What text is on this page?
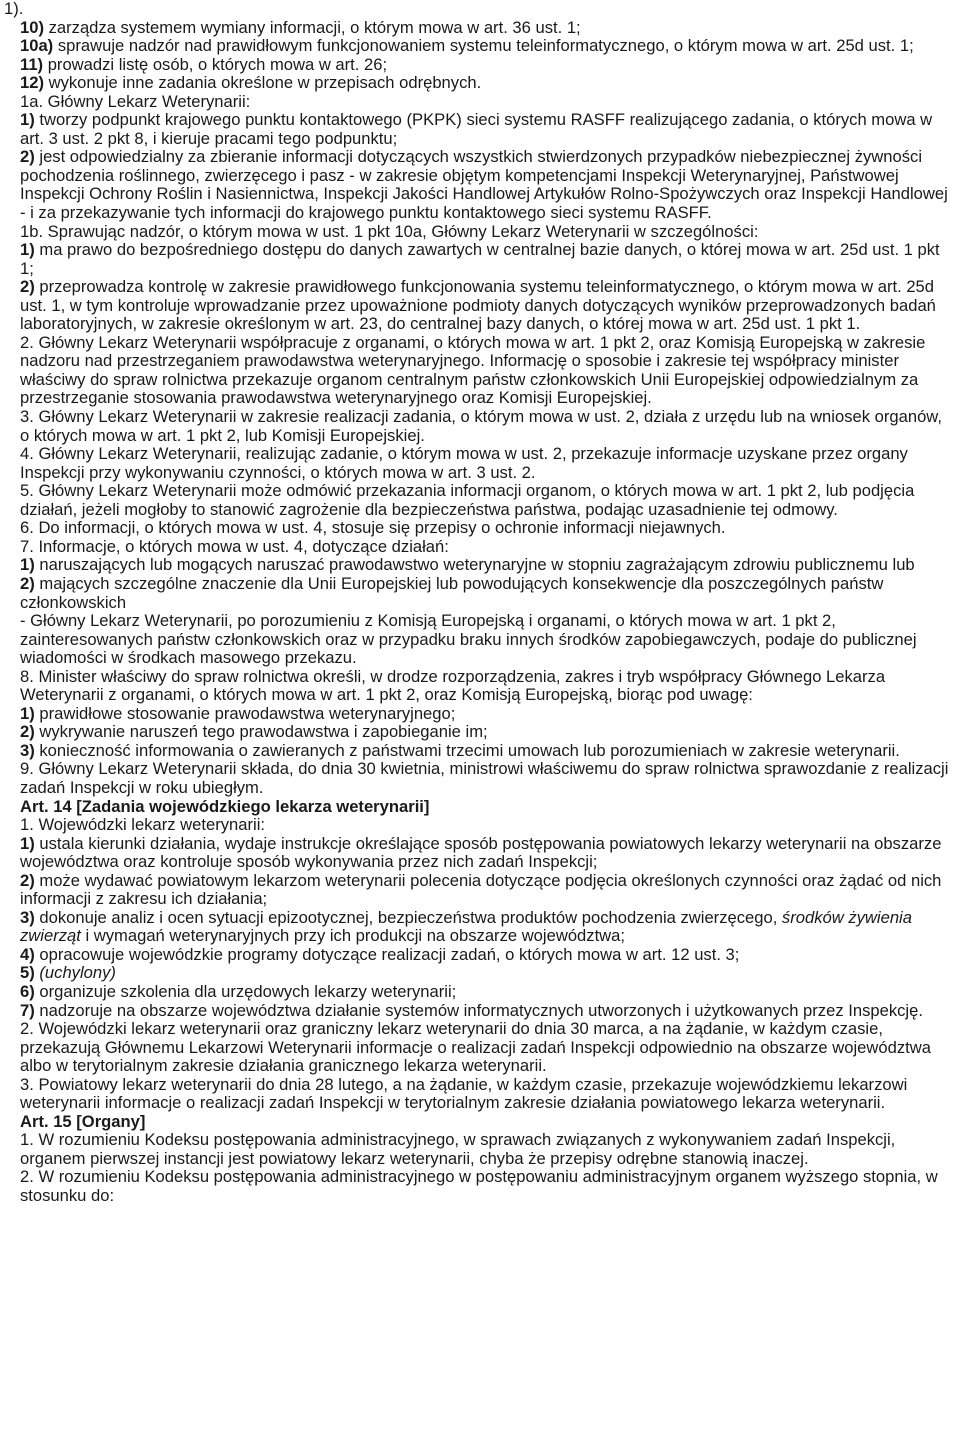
1).
10) zarządza systemem wymiany informacji, o którym mowa w art. 36 ust. 1;
10a) sprawuje nadzór nad prawidłowym funkcjonowaniem systemu teleinformatycznego, o którym mowa w art. 25d ust. 1;
11) prowadzi listę osób, o których mowa w art. 26;
12) wykonuje inne zadania określone w przepisach odrębnych.
1a. Główny Lekarz Weterynarii:
1) tworzy podpunkt krajowego punktu kontaktowego (PKPK) sieci systemu RASFF realizującego zadania, o których mowa w art. 3 ust. 2 pkt 8, i kieruje pracami tego podpunktu;
2) jest odpowiedzialny za zbieranie informacji dotyczących wszystkich stwierdzonych przypadków niebezpiecznej żywności pochodzenia roślinnego, zwierzęcego i pasz - w zakresie objętym kompetencjami Inspekcji Weterynaryjnej, Państwowej Inspekcji Ochrony Roślin i Nasiennictwa, Inspekcji Jakości Handlowej Artykułów Rolno-Spożywczych oraz Inspekcji Handlowej - i za przekazywanie tych informacji do krajowego punktu kontaktowego sieci systemu RASFF.
1b. Sprawując nadzór, o którym mowa w ust. 1 pkt 10a, Główny Lekarz Weterynarii w szczególności:
1) ma prawo do bezpośredniego dostępu do danych zawartych w centralnej bazie danych, o której mowa w art. 25d ust. 1 pkt 1;
2) przeprowadza kontrolę w zakresie prawidłowego funkcjonowania systemu teleinformatycznego, o którym mowa w art. 25d ust. 1, w tym kontroluje wprowadzanie przez upoważnione podmioty danych dotyczących wyników przeprowadzonych badań laboratoryjnych, w zakresie określonym w art. 23, do centralnej bazy danych, o której mowa w art. 25d ust. 1 pkt 1.
2. Główny Lekarz Weterynarii współpracuje z organami, o których mowa w art. 1 pkt 2, oraz Komisją Europejską w zakresie nadzoru nad przestrzeganiem prawodawstwa weterynaryjnego. Informację o sposobie i zakresie tej współpracy minister właściwy do spraw rolnictwa przekazuje organom centralnym państw członkowskich Unii Europejskiej odpowiedzialnym za przestrzeganie stosowania prawodawstwa weterynaryjnego oraz Komisji Europejskiej.
3. Główny Lekarz Weterynarii w zakresie realizacji zadania, o którym mowa w ust. 2, działa z urzędu lub na wniosek organów, o których mowa w art. 1 pkt 2, lub Komisji Europejskiej.
4. Główny Lekarz Weterynarii, realizując zadanie, o którym mowa w ust. 2, przekazuje informacje uzyskane przez organy Inspekcji przy wykonywaniu czynności, o których mowa w art. 3 ust. 2.
5. Główny Lekarz Weterynarii może odmówić przekazania informacji organom, o których mowa w art. 1 pkt 2, lub podjęcia działań, jeżeli mogłoby to stanowić zagrożenie dla bezpieczeństwa państwa, podając uzasadnienie tej odmowy.
6. Do informacji, o których mowa w ust. 4, stosuje się przepisy o ochronie informacji niejawnych.
7. Informacje, o których mowa w ust. 4, dotyczące działań:
1) naruszających lub mogących naruszać prawodawstwo weterynaryjne w stopniu zagrażającym zdrowiu publicznemu lub
2) mających szczególne znaczenie dla Unii Europejskiej lub powodujących konsekwencje dla poszczególnych państw członkowskich
- Główny Lekarz Weterynarii, po porozumieniu z Komisją Europejską i organami, o których mowa w art. 1 pkt 2, zainteresowanych państw członkowskich oraz w przypadku braku innych środków zapobiegawczych, podaje do publicznej wiadomości w środkach masowego przekazu.
8. Minister właściwy do spraw rolnictwa określi, w drodze rozporządzenia, zakres i tryb współpracy Głównego Lekarza Weterynarii z organami, o których mowa w art. 1 pkt 2, oraz Komisją Europejską, biorąc pod uwagę:
1) prawidłowe stosowanie prawodawstwa weterynaryjnego;
2) wykrywanie naruszeń tego prawodawstwa i zapobieganie im;
3) konieczność informowania o zawieranych z państwami trzecimi umowach lub porozumieniach w zakresie weterynarii.
9. Główny Lekarz Weterynarii składa, do dnia 30 kwietnia, ministrowi właściwemu do spraw rolnictwa sprawozdanie z realizacji zadań Inspekcji w roku ubiegłym.
Art. 14 [Zadania wojewódzkiego lekarza weterynarii]
1. Wojewódzki lekarz weterynarii:
1) ustala kierunki działania, wydaje instrukcje określające sposób postępowania powiatowych lekarzy weterynarii na obszarze województwa oraz kontroluje sposób wykonywania przez nich zadań Inspekcji;
2) może wydawać powiatowym lekarzom weterynarii polecenia dotyczące podjęcia określonych czynności oraz żądać od nich informacji z zakresu ich działania;
3) dokonuje analiz i ocen sytuacji epizootycznej, bezpieczeństwa produktów pochodzenia zwierzęcego, środków żywienia zwierząt i wymagań weterynaryjnych przy ich produkcji na obszarze województwa;
4) opracowuje wojewódzkie programy dotyczące realizacji zadań, o których mowa w art. 12 ust. 3;
5) (uchylony)
6) organizuje szkolenia dla urzędowych lekarzy weterynarii;
7) nadzoruje na obszarze województwa działanie systemów informatycznych utworzonych i użytkowanych przez Inspekcję.
2. Wojewódzki lekarz weterynarii oraz graniczny lekarz weterynarii do dnia 30 marca, a na żądanie, w każdym czasie, przekazują Głównemu Lekarzowi Weterynarii informacje o realizacji zadań Inspekcji odpowiednio na obszarze województwa albo w terytorialnym zakresie działania granicznego lekarza weterynarii.
3. Powiatowy lekarz weterynarii do dnia 28 lutego, a na żądanie, w każdym czasie, przekazuje wojewódzkiemu lekarzowi weterynarii informacje o realizacji zadań Inspekcji w terytorialnym zakresie działania powiatowego lekarza weterynarii.
Art. 15 [Organy]
1. W rozumieniu Kodeksu postępowania administracyjnego, w sprawach związanych z wykonywaniem zadań Inspekcji, organem pierwszej instancji jest powiatowy lekarz weterynarii, chyba że przepisy odrębne stanowią inaczej.
2. W rozumieniu Kodeksu postępowania administracyjnego w postępowaniu administracyjnym organem wyższego stopnia, w stosunku do:
